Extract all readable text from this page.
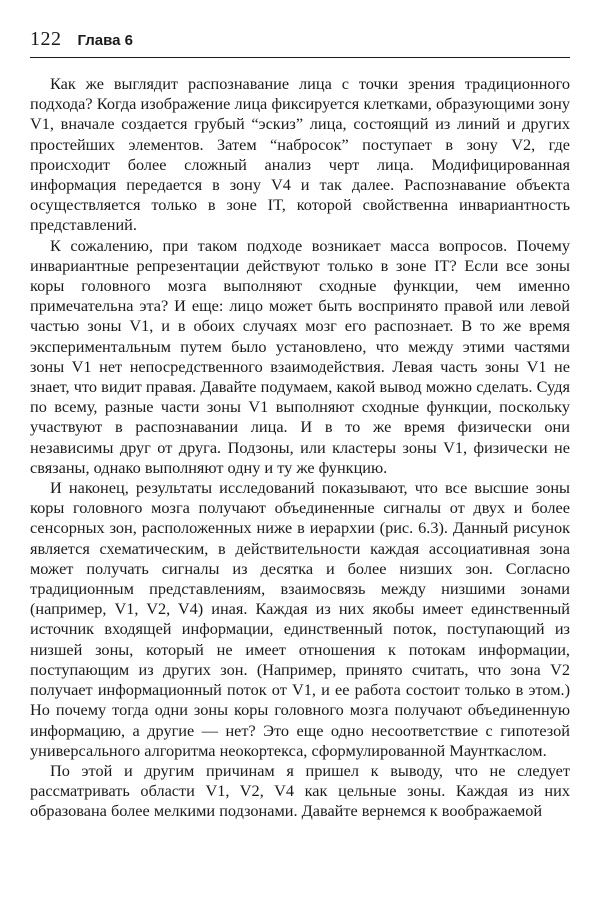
122 Глава 6

Как же выглядит распознавание лица с точки зрения традиционного подхода? Когда изображение лица фиксируется клетками, образующими зону V1, вначале создается грубый “эскиз” лица, состоящий из линий и других простейших элементов. Затем “набросок” поступает в зону V2, где происходит более сложный анализ черт лица. Модифицированная информация передается в зону V4 и так далее. Распознавание объекта осуществляется только в зоне IT, которой свойственна инвариантность представлений.

К сожалению, при таком подходе возникает масса вопросов. Почему инвариантные репрезентации действуют только в зоне IT? Если все зоны коры головного мозга выполняют сходные функции, чем именно примечательна эта? И еще: лицо может быть воспринято правой или левой частью зоны V1, и в обоих случаях мозг его распознает. В то же время экспериментальным путем было установлено, что между этими частями зоны V1 нет непосредственного взаимодействия. Левая часть зоны V1 не знает, что видит правая. Давайте подумаем, какой вывод можно сделать. Судя по всему, разные части зоны V1 выполняют сходные функции, поскольку участвуют в распознавании лица. И в то же время физически они независимы друг от друга. Подзоны, или кластеры зоны V1, физически не связаны, однако выполняют одну и ту же функцию.

И наконец, результаты исследований показывают, что все высшие зоны коры головного мозга получают объединенные сигналы от двух и более сенсорных зон, расположенных ниже в иерархии (рис. 6.3). Данный рисунок является схематическим, в действительности каждая ассоциативная зона может получать сигналы из десятка и более низших зон. Согласно традиционным представлениям, взаимосвязь между низшими зонами (например, V1, V2, V4) иная. Каждая из них якобы имеет единственный источник входящей информации, единственный поток, поступающий из низшей зоны, который не имеет отношения к потокам информации, поступающим из других зон. (Например, принято считать, что зона V2 получает информационный поток от V1, и ее работа состоит только в этом.) Но почему тогда одни зоны коры головного мозга получают объединенную информацию, а другие — нет? Это еще одно несоответствие с гипотезой универсального алгоритма неокортекса, сформулированной Маунткаслом.

По этой и другим причинам я пришел к выводу, что не следует рассматривать области V1, V2, V4 как цельные зоны. Каждая из них образована более мелкими подзонами. Давайте вернемся к воображаемой
